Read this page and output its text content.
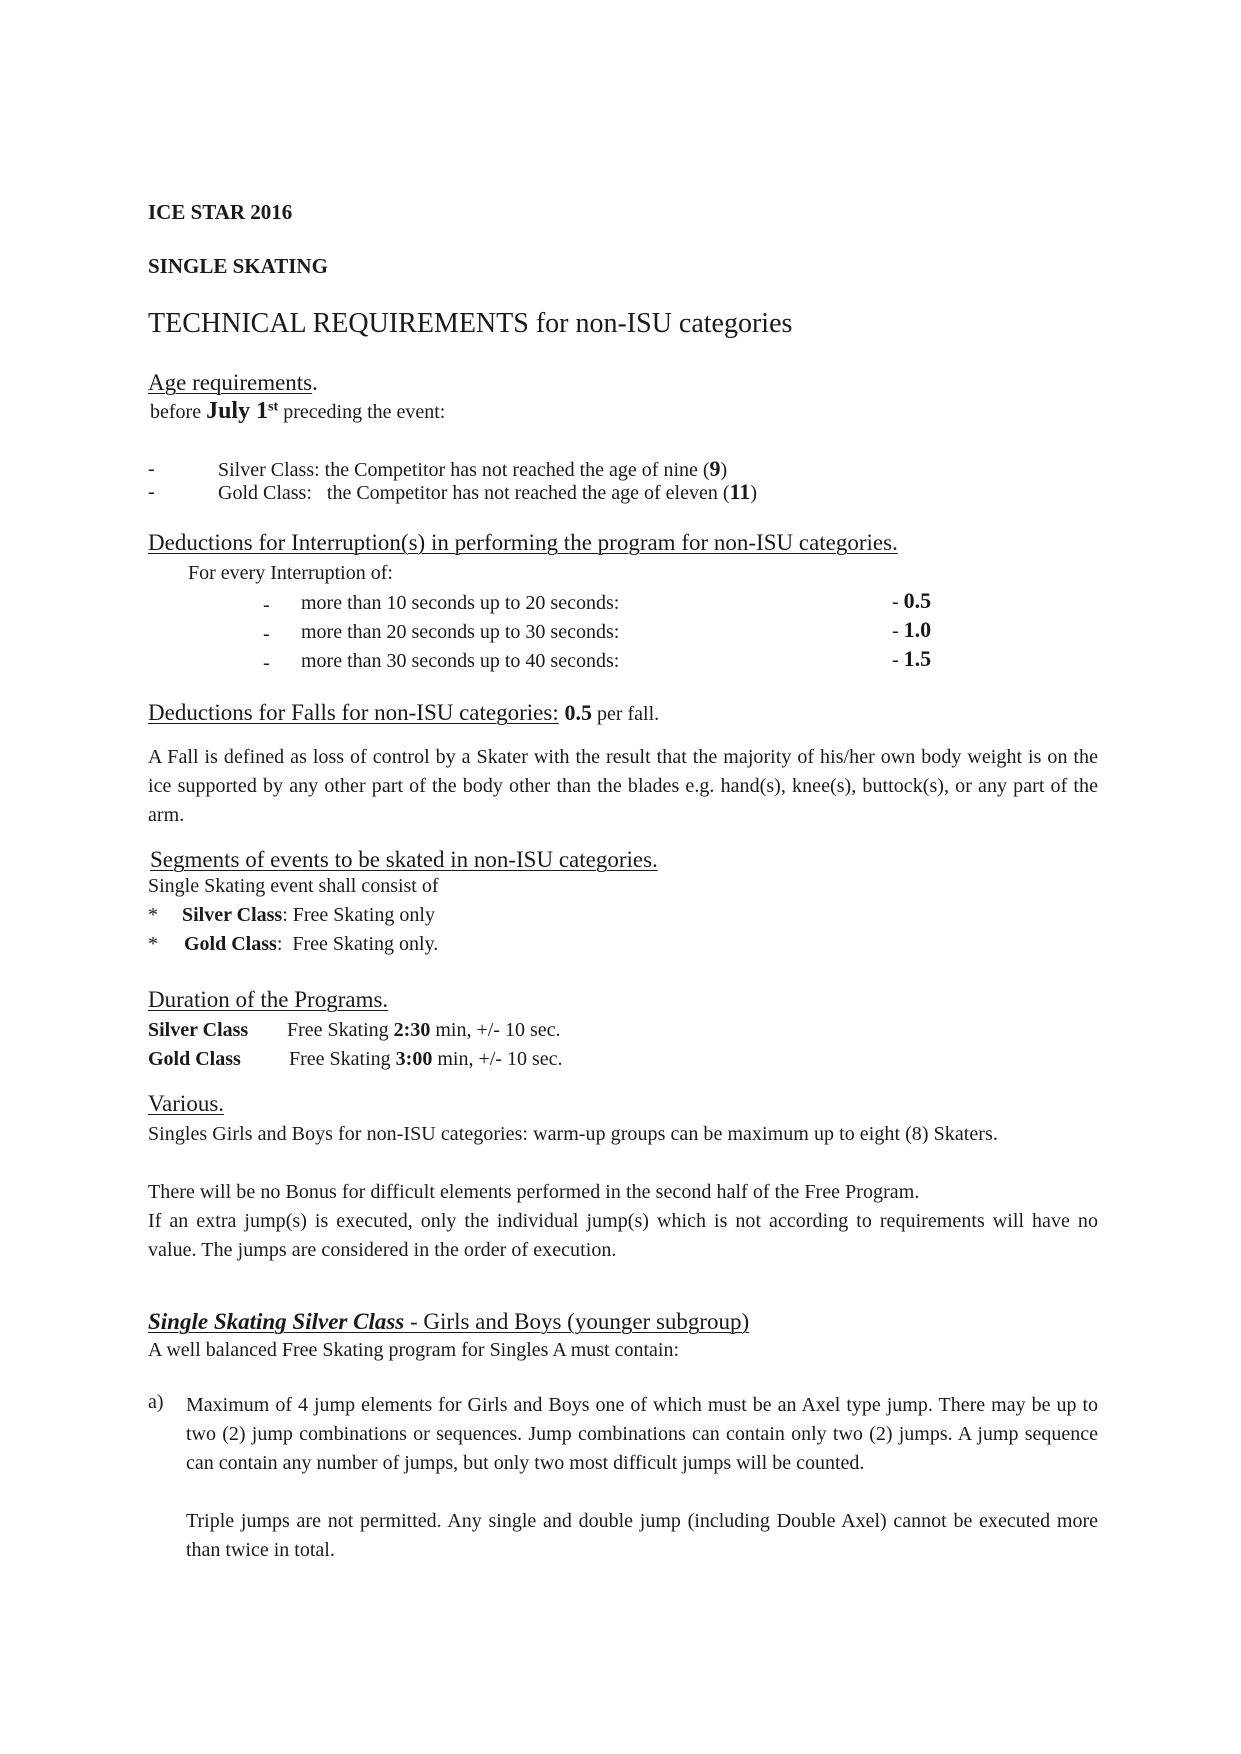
ICE STAR 2016
SINGLE SKATING
TECHNICAL REQUIREMENTS for non-ISU categories
Age requirements.
before July 1st preceding the event:
-	Silver Class: the Competitor has not reached the age of nine (9)
-	Gold Class:   the Competitor has not reached the age of eleven (11)
Deductions for Interruption(s) in performing the program for non-ISU categories.
For every Interruption of:
- more than 10 seconds up to 20 seconds:	- 0.5
- more than 20 seconds up to 30 seconds:	- 1.0
- more than 30 seconds up to 40 seconds:	- 1.5
Deductions for Falls for non-ISU categories: 0.5 per fall.
A Fall is defined as loss of control by a Skater with the result that the majority of his/her own body weight is on the ice supported by any other part of the body other than the blades e.g. hand(s), knee(s), buttock(s), or any part of the arm.
Segments of events to be skated in non-ISU categories.
Single Skating event shall consist of
* Silver Class: Free Skating only
* Gold Class:  Free Skating only.
Duration of the Programs.
Silver Class Free Skating 2:30 min, +/- 10 sec.
Gold Class Free Skating 3:00 min, +/- 10 sec.
Various.
Singles Girls and Boys for non-ISU categories: warm-up groups can be maximum up to eight (8) Skaters.
There will be no Bonus for difficult elements performed in the second half of the Free Program.
If an extra jump(s) is executed, only the individual jump(s) which is not according to requirements will have no value. The jumps are considered in the order of execution.
Single Skating Silver Class - Girls and Boys (younger subgroup)
A well balanced Free Skating program for Singles A must contain:
a) Maximum of 4 jump elements for Girls and Boys one of which must be an Axel type jump. There may be up to two (2) jump combinations or sequences. Jump combinations can contain only two (2) jumps. A jump sequence can contain any number of jumps, but only two most difficult jumps will be counted.
Triple jumps are not permitted. Any single and double jump (including Double Axel) cannot be executed more than twice in total.
